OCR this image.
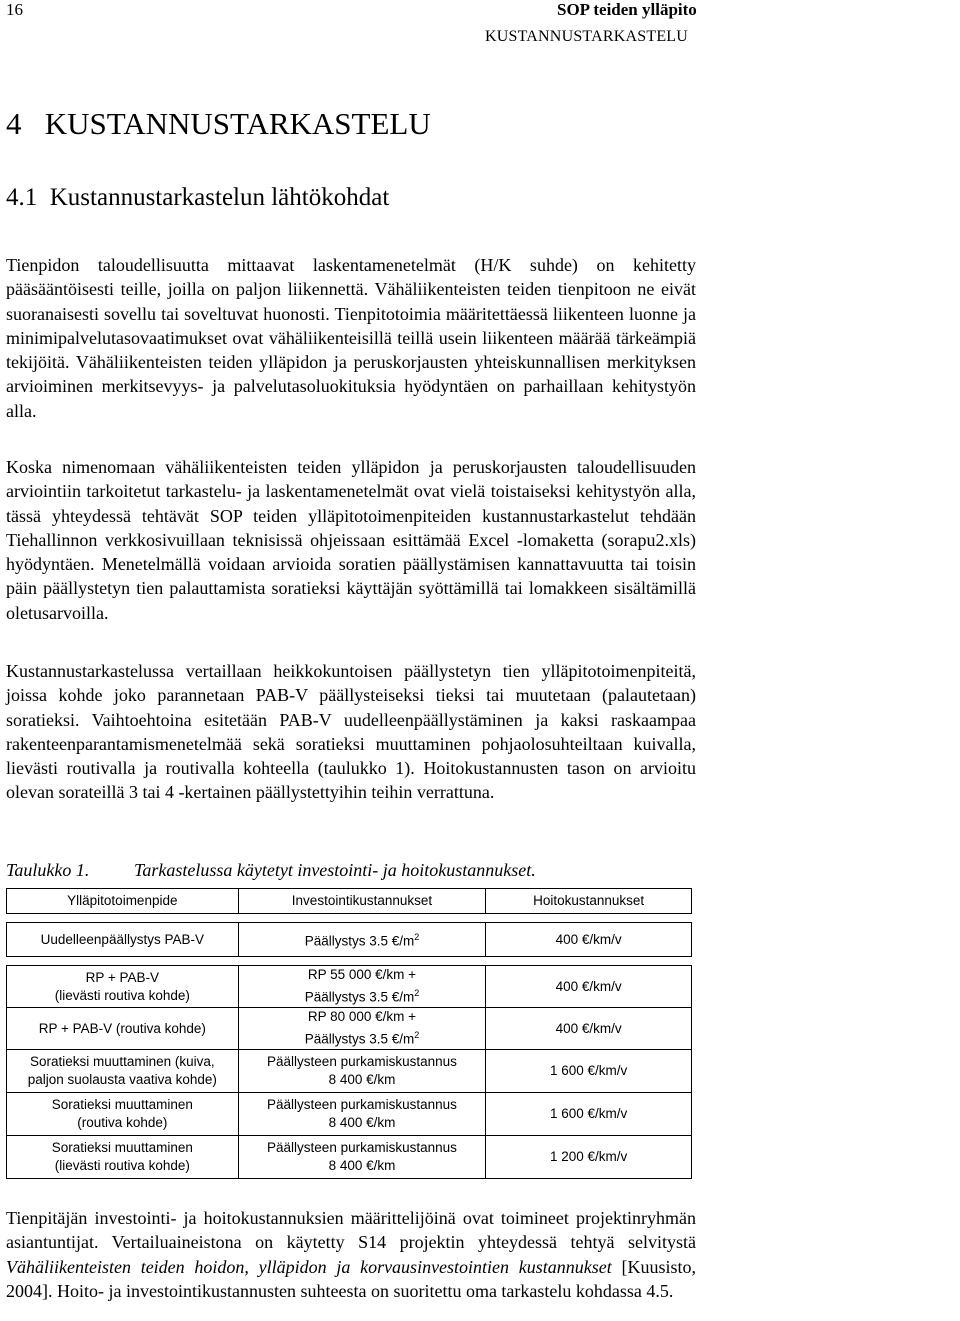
16	SOP teiden ylläpito
KUSTANNUSTARKASTELU
4   KUSTANNUSTARKASTELU
4.1  Kustannustarkastelun lähtökohdat

Tienpidon taloudellisuutta mittaavat laskentamenetelmät (H/K suhde) on kehitetty pääsääntöisesti teille, joilla on paljon liikennettä. Vähäliikenteisten teiden tienpitoon ne eivät suoranaisesti sovellu tai soveltuvat huonosti. Tienpitotoimia määritettäessä liikenteen luonne ja minimipalvelutasovaatimukset ovat vähäliikenteisillä teillä usein liikenteen määrää tärkeämpiä tekijöitä. Vähäliikenteisten teiden ylläpidon ja peruskorjausten yhteiskunnallisen merkityksen arvioiminen merkitsevyys- ja palvelutasoluokituksia hyödyntäen on parhaillaan kehitystyön alla.

Koska nimenomaan vähäliikenteisten teiden ylläpidon ja peruskorjausten taloudellisuuden arviointiin tarkoitetut tarkastelu- ja laskentamenetelmät ovat vielä toistaiseksi kehitystyön alla, tässä yhteydessä tehtävät SOP teiden ylläpitotoimenpiteiden kustannustarkastelut tehdään Tiehallinnon verkkosivuillaan teknisissä ohjeissaan esittämää Excel -lomaketta (sorapu2.xls) hyödyntäen. Menetelmällä voidaan arvioida soratien päällystämisen kannattavuutta tai toisin päin päällystetyn tien palauttamista soratieksi käyttäjän syöttämillä tai lomakkeen sisältämillä oletusarvoilla.

Kustannustarkastelussa vertaillaan heikkokuntoisen päällystetyn tien ylläpitotoimenpiteitä, joissa kohde joko parannetaan PAB-V päällysteiseksi tieksi tai muutetaan (palautetaan) soratieksi. Vaihtoehtoina esitetään PAB-V uudelleenpäällystäminen ja kaksi raskaampaa rakenteenparantamismenetelmää sekä soratieksi muuttaminen pohjaolosuhteiltaan kuivalla, lievästi routivalla ja routivalla kohteella (taulukko 1). Hoitokustannusten tason on arvioitu olevan sorateillä 3 tai 4 -kertainen päällystettyihin teihin verrattuna.

Taulukko 1. Tarkastelussa käytetyt investointi- ja hoitokustannukset.
Ylläpitotoimenpide	Investointikustannukset	Hoitokustannukset

Uudelleenpäällystys PAB-V	Päällystys 3.5 $€/m^2$	400 €/km/v

RP + PAB-V
(lievästi routiva kohde)	RP 55 000 €/km +
Päällystys 3.5 $€/m^2$	400 €/km/v
RP + PAB-V (routiva kohde)	RP 80 000 €/km +
Päällystys 3.5 $€/m^2$	400 €/km/v
Soratieksi muuttaminen (kuiva,
paljon suolausta vaativa kohde)	Päällysteen purkamiskustannus
8 400 €/km	1 600 €/km/v
Soratieksi muuttaminen
(routiva kohde)	Päällysteen purkamiskustannus
8 400 €/km	1 600 €/km/v
Soratieksi muuttaminen
(lievästi routiva kohde)	Päällysteen purkamiskustannus
8 400 €/km	1 200 €/km/v

Tienpitäjän investointi- ja hoitokustannuksien määrittelijöinä ovat toimineet projektinryhmän asiantuntijat. Vertailuaineistona on käytetty S14 projektin yhteydessä tehtyä selvitystä Vähäliikenteisten teiden hoidon, ylläpidon ja korvausinvestointien kustannukset [Kuusisto, 2004]. Hoito- ja investointikustannusten suhteesta on suoritettu oma tarkastelu kohdassa 4.5.
